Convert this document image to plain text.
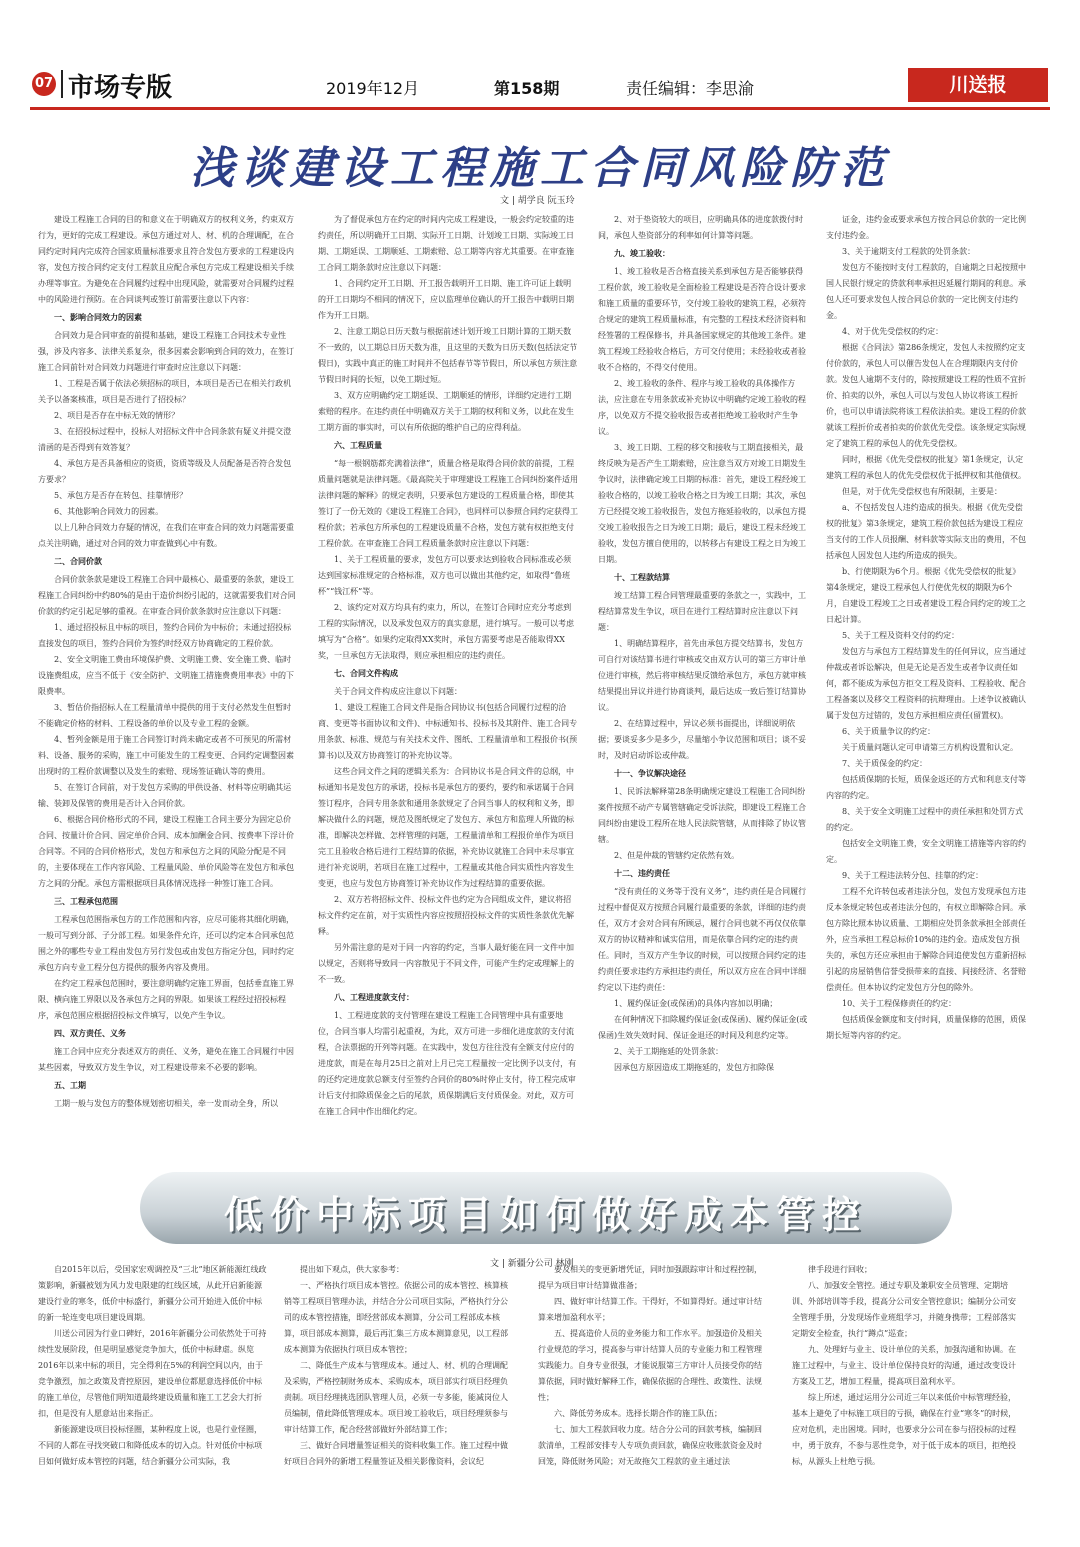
07 市场专版	2019年12月	第158期	责任编辑：李思渝	川送报
浅谈建设工程施工合同风险防范
文 | 胡学良 阮玉玲

建设工程施工合同的目的和意义在于明确双方的权利义务，约束双方行为，更好的完成工程建设。承包方通过对人、材、机的合理调配，在合同约定时间内完成符合国家质量标准要求且符合发包方要求的工程建设内容，发包方按合同约定支付工程款且应配合承包方完成工程建设相关手续办理等事宜。为避免在合同履约过程中出现风险，就需要对合同履约过程中的风险进行预防。在合同谈判或签订前需要注意以下内容：

一、影响合同效力的因素

合同效力是合同审查的前提和基础，建设工程施工合同技术专业性强，涉及内容多、法律关系复杂，很多因素会影响到合同的效力，在签订施工合同前针对合同效力问题进行审查时应注意以下问题：

1、工程是否属于依法必须招标的项目，本项目是否已在相关行政机关予以备案核准，项目是否进行了招投标？

2、项目是否存在中标无效的情形？

3、在招投标过程中，投标人对招标文件中合同条款有疑义并提交澄清函的是否得到有效答复？

4、承包方是否具备相应的资质，资质等级及人员配备是否符合发包方要求？

5、承包方是否存在转包、挂靠情形？

6、其他影响合同效力的因素。

以上几种合同效力存疑的情况，在我们在审查合同的效力问题需要重点关注明确，通过对合同的效力审查做到心中有数。

二、合同价款

合同价款条款是建设工程施工合同中最核心、最重要的条款，建设工程施工合同纠纷中约80%的是由于造价纠纷引起的，这就需要我们对合同价款的约定引起足够的重视。在审查合同价款条款时应注意以下问题：

1、通过招投标且中标的项目，签约合同价为中标价；未通过招投标直接发包的项目，签约合同价为签约时经双方协商确定的工程价款。

2、安全文明施工费由环境保护费、文明施工费、安全施工费、临时设施费组成，应当不低于《安全防护、文明施工措施费费用率表》中的下限费率。

3、暂估价指招标人在工程量清单中提供的用于支付必然发生但暂时不能确定价格的材料、工程设备的单价以及专业工程的金额。

4、暂列金额是用于施工合同签订时尚未确定或者不可预见的所需材料、设备、服务的采购，施工中可能发生的工程变更、合同约定调整因素出现时的工程价款调整以及发生的索赔、现场签证确认等的费用。

5、在签订合同前，对于发包方采购的甲供设备、材料等应明确其运输、装卸及保管的费用是否计入合同价款。

6、根据合同价格形式的不同，建设工程施工合同主要分为固定总价合同、按量计价合同、固定单价合同、成本加酬金合同、按费率下浮计价合同等。不同的合同价格形式，发包方和承包方之间的风险分配是不同的，主要体现在工作内容风险、工程量风险、单价风险等在发包方和承包方之间的分配。承包方需根据项目具体情况选择一种签订施工合同。

三、工程承包范围

工程承包范围指承包方的工作范围和内容，应尽可能将其细化明确，一般可写到分部、子分部工程。如果条件允许，还可以约定本合同承包范围之外的哪些专业工程由发包方另行发包或由发包方指定分包，同时约定承包方向专业工程分包方提供的服务内容及费用。

在约定工程承包范围时，要注意明确约定施工界面，包括垂直施工界限、横向施工界限以及各承包方之间的界限。如果该工程经过招投标程序，承包范围应根据招投标文件填写，以免产生争议。

四、双方责任、义务

施工合同中应充分表述双方的责任、义务，避免在施工合同履行中因某些因素，导致双方发生争议，对工程建设带来不必要的影响。

五、工期

工期一般与发包方的整体规划密切相关，牵一发而动全身，所以

为了督促承包方在约定的时间内完成工程建设，一般会约定较重的违约责任，所以明确开工日期、实际开工日期、计划竣工日期、实际竣工日期、工期延误、工期顺延、工期索赔、总工期等内容尤其重要。在审查施工合同工期条款时应注意以下问题：

1、合同约定开工日期、开工报告载明开工日期、施工许可证上载明的开工日期均不相同的情况下，应以监理单位确认的开工报告中载明日期作为开工日期。

2、注意工期总日历天数与根据前述计划开竣工日期计算的工期天数不一致的，以工期总日历天数为准，且这里的天数为日历天数(包括法定节假日)，实践中真正的施工时间并不包括春节等节假日，所以承包方须注意节假日时间的长短，以免工期过短。

3、双方应明确约定工期延误、工期顺延的情形，详细约定进行工期索赔的程序。在违约责任中明确双方关于工期的权利和义务，以此在发生工期方面的事实时，可以有所依据的维护自己的应得利益。

六、工程质量

“每一根钢筋都充满着法律”，质量合格是取得合同价款的前提，工程质量问题就是法律问题。《最高院关于审理建设工程施工合同纠纷案件适用法律问题的解释》的规定表明，只要承包方建设的工程质量合格，即使其签订了一份无效的《建设工程施工合同》，也同样可以参照合同约定获得工程价款；若承包方所承包的工程建设质量不合格，发包方就有权拒绝支付工程价款。在审查施工合同工程质量条款时应注意以下问题：

1、关于工程质量的要求，发包方可以要求达到验收合同标准或必须达到国家标准规定的合格标准，双方也可以做出其他约定，如取得“鲁班杯”“钱江杯”等。

2、该约定对双方均具有约束力，所以，在签订合同时应充分考虑到工程的实际情况，以及承发包双方的真实意愿，进行填写。一般可以考虑填写为“合格”。如果约定取得XX奖时，承包方需要考虑是否能取得XX奖，一旦承包方无法取得，则应承担相应的违约责任。

七、合同文件构成

关于合同文件构成应注意以下问题：

1、建设工程施工合同文件是指合同协议书(包括合同履行过程的洽商、变更等书面协议和文件)、中标通知书、投标书及其附件、施工合同专用条款、标准、规范与有关技术文件、图纸、工程量清单和工程报价书(预算书)以及双方协商签订的补充协议等。

这些合同文件之间的逻辑关系为：合同协议书是合同文件的总纲，中标通知书是发包方的承诺，投标书是承包方的要约，要约和承诺属于合同签订程序，合同专用条款和通用条款规定了合同当事人的权利和义务，即解决做什么的问题，规范及图纸规定了发包方、承包方和监理人所做的标准，即解决怎样做、怎样管理的问题，工程量清单和工程报价单作为项目完工且验收合格后进行工程结算的依据，补充协议就施工合同中未尽事宜进行补充说明，若项目在施工过程中，工程量或其他合同实质性内容发生变更，也应与发包方协商签订补充协议作为过程结算的重要依据。

2、双方若将招标文件、投标文件也约定为合同组成文件，建议将招标文件约定在前，对于实质性内容应按照招投标文件的实质性条款优先解释。

另外需注意的是对于同一内容的约定，当事人最好能在同一文件中加以规定，否则将导致同一内容散见于不同文件，可能产生约定或理解上的不一致。

八、工程进度款支付：

1、工程进度款的支付管理在建设工程施工合同管理中具有重要地位，合同当事人均需引起重视，为此，双方可进一步细化进度款的支付流程，合法票据的开列等问题。在实践中，发包方往往没有全额支付应付的进度款，而是在每月25日之前对上月已完工程量按一定比例予以支付，有的还约定进度款总额支付至签约合同价的80%时停止支付，待工程完成审计后支付扣除质保金之后的尾款，质保期满后支付质保金。对此，双方可在施工合同中作出细化约定。

2、对于垫资较大的项目，应明确具体的进度款拨付时间，承包人垫资部分的利率如何计算等问题。

九、竣工验收：

1、竣工验收是否合格直接关系到承包方是否能够获得工程价款，竣工验收是全面检验工程建设是否符合设计要求和施工质量的重要环节，交付竣工验收的建筑工程，必须符合规定的建筑工程质量标准，有完整的工程技术经济资料和经签署的工程保修书，并具备国家规定的其他竣工条件。建筑工程竣工经验收合格后，方可交付使用；未经验收或者验收不合格的，不得交付使用。

2、竣工验收的条件、程序与竣工验收的具体操作方法，应注意在专用条款或补充协议中明确约定竣工验收的程序，以免双方不提交验收报告或者拒绝竣工验收时产生争议。

3、竣工日期、工程的移交和接收与工期直接相关，最终反映为是否产生工期索赔，应注意当双方对竣工日期发生争议时，法律确定竣工日期的标准：首先，建设工程经竣工验收合格的，以竣工验收合格之日为竣工日期；其次，承包方已经提交竣工验收报告，发包方拖延验收的，以承包方提交竣工验收报告之日为竣工日期；最后，建设工程未经竣工验收，发包方擅自使用的，以转移占有建设工程之日为竣工日期。

十、工程款结算

竣工结算工程合同管理最重要的条款之一，实践中，工程结算常发生争议，项目在进行工程结算时应注意以下问题：

1、明确结算程序，首先由承包方提交结算书，发包方可自行对该结算书进行审核或交由双方认可的第三方审计单位进行审核，然后将审核结果反馈给承包方，承包方就审核结果提出异议并进行协商谈判，最后达成一致后签订结算协议。

2、在结算过程中，异议必须书面提出，详细说明依据；要谈妥多少是多少，尽量缩小争议范围和项目；谈不妥时，及时启动诉讼或仲裁。

十一、争议解决途径

1、民诉法解释第28条明确规定建设工程施工合同纠纷案件按照不动产专属管辖确定受诉法院，即建设工程施工合同纠纷由建设工程所在地人民法院管辖，从而排除了协议管辖。

2、但是仲裁的管辖约定依然有效。

十二、违约责任

“没有责任的义务等于没有义务”，违约责任是合同履行过程中督促双方按照合同履行最重要的条款，详细的违约责任，双方才会对合同有所顾忌，履行合同也就不再仅仅依靠双方的协议精神和诚实信用，而是依靠合同约定的违约责任。同时，当双方产生争议的时候，可以按照合同约定的违约责任要求违约方承担违约责任，所以双方应在合同中详细约定以下违约责任：

1、履约保证金(或保函)的具体内容加以明确；

在何种情况下扣除履约保证金(或保函)、履约保证金(或保函)生效失效时间、保证金退还的时间及利息约定等。

2、关于工期拖延的处罚条款：

因承包方原因造成工期拖延的，发包方扣除保

证金，违约金或要求承包方按合同总价款的一定比例支付违约金。

3、关于逾期支付工程款的处罚条款：

发包方不能按时支付工程款的，自逾期之日起按照中国人民银行规定的贷款利率承担迟延履行期间的利息。承包人还可要求发包人按合同总价款的一定比例支付违约金。

4、对于优先受偿权的约定：

根据《合同法》第286条规定，发包人未按照约定支付价款的，承包人可以催告发包人在合理期限内支付价款。发包人逾期不支付的，除按照建设工程的性质不宜折价、拍卖的以外，承包人可以与发包人协议将该工程折价，也可以申请法院将该工程依法拍卖。建设工程的价款就该工程折价或者拍卖的价款优先受偿。该条规定实际规定了建筑工程的承包人的优先受偿权。

同时，根据《优先受偿权的批复》第1条规定，认定建筑工程的承包人的优先受偿权优于抵押权和其他债权。

但是，对于优先受偿权也有所限制，主要是：

a、不包括发包人违约造成的损失。根据《优先受偿权的批复》第3条规定，建筑工程价款包括为建设工程应当支付的工作人员报酬、材料款等实际支出的费用，不包括承包人因发包人违约所造成的损失。

b、行使期限为6个月。根据《优先受偿权的批复》第4条规定，建设工程承包人行使优先权的期限为6个月，自建设工程竣工之日或者建设工程合同约定的竣工之日起计算。

5、关于工程及资料交付的约定：

发包方与承包方工程结算发生的任何异议，应当通过仲裁或者诉讼解决，但是无论是否发生或者争议责任如何，都不能成为承包方拒交工程及资料、工程验收、配合工程备案以及移交工程资料的抗辩理由。上述争议被确认属于发包方过错的，发包方承担相应责任(留置权)。

6、关于质量争议的约定：

关于质量问题认定可申请第三方机构设置和认定。

7、关于质保金的约定：

包括质保期的长短，质保金返还的方式和利息支付等内容的约定。

8、关于安全文明施工过程中的责任承担和处罚方式的约定。

包括安全文明施工费，安全文明施工措施等内容的约定。

9、关于工程违法转分包、挂靠的约定：

工程不允许转包或者违法分包，发包方发现承包方违反本条规定转包或者违法分包的，有权立即解除合同。承包方除比照本协议质量、工期相应处罚条款承担全部责任外，应当承担工程总标价10%的违约金。造成发包方损失的，承包方还应承担由于解除合同追使发包方重新招标引起的房屋销售信誉受损带来的直接、间接经济、名誉赔偿责任。但本协议约定发包方分包的除外。

10、关于工程保修责任的约定：

包括质保金额度和支付时间，质量保修的范围，质保期长短等内容的约定。

低价中标项目如何做好成本管控
文 | 新疆分公司 林刚

自2015年以后，受国家宏观调控及“三北”地区新能源红线政策影响，新疆被划为风力发电限建的红线区域，从此开启新能源建设行业的寒冬，低价中标盛行，新疆分公司开始进入低价中标的新一轮连变电项目建设周期。

川送公司因为行业口碑好，2016年新疆分公司依然处于可持续性发展阶段，但是明显感觉竞争加大，低价中标肆虐。纵览2016年以来中标的项目，完全得利在5%的利润空间以内，由于竞争激烈，加之政策及背控原因，建设单位都愿意选择低价中标的施工单位，尽管他们明知道最终建设质量和施工工艺会大打折扣，但是没有人愿意站出来指正。

新能源建设项目投标怪圈，某种程度上说，也是行业怪圈，不同的人都在寻找突破口和降低成本的切入点。针对低价中标项目如何做好成本管控的问题，结合新疆分公司实际，我

提出如下观点，供大家参考：

一、严格执行项目成本管控。依据公司的成本管控、核算核销等工程项目管理办法，并结合分公司项目实际，严格执行分公司的成本管控措施，即经营部成本测算，分公司工程部成本核算，项目部成本测算，最后再汇集三方成本测算意见，以工程部成本测算为依据执行项目成本管控；

二、降低生产成本与管理成本。通过人、材、机的合理调配及采购，严格控制财务成本、采购成本，项目部实行项目经理负责制。项目经理挑选团队管理人员，必须一专多能，能减岗位人员编制，借此降低管理成本。项目竣工验收后，项目经理须参与审计结算工作，配合经营部做好外部结算工作；

三、做好合同增量签证相关的资料收集工作。施工过程中做好项目合同外的新增工程量签证及相关影像资料，会议纪

要及相关的变更新增凭证，同时加强跟踪审计和过程控制，提早为项目审计结算做准备；

四、做好审计结算工作。干得好，不如算得好。通过审计结算来增加盈利水平；

五、提高造价人员的业务能力和工作水平。加强造价及相关行业规范的学习，提高参与审计结算人员的专业能力和工程管理实践能力。自身专业很强，才能说服第三方审计人员接受你的结算依据，同时做好解释工作，确保依据的合理性、政策性、法规性；

六、降低劳务成本。选择长期合作的施工队伍；

七、加大工程款回收力度。结合分公司的回款考核，编制回款清单，工程部安排专人专项负责回款，确保应收账款资金及时回笼，降低财务风险；对无故拖欠工程款的业主通过法

律手段进行回收；

八、加强安全管控。通过专职及兼职安全员管理、定期培训、外部培训等手段，提高分公司安全管控意识；编制分公司安全管理手册，分发现场作业班组学习，并随身携带；工程部落实定期安全检查，执行“蹲点”巡查；

九、处理好与业主、设计单位的关系，加强沟通和协调。在施工过程中，与业主、设计单位保持良好的沟通，通过改变设计方案及工艺，增加工程量，提高项目盈利水平。

综上所述，通过运用分公司近三年以来低价中标管理经验，基本上避免了中标施工项目的亏损，确保在行业“寒冬”的时候，应对危机，走出困境。同时，也要求分公司在参与招投标的过程中，勇于放弃，不参与恶性竞争，对于低于成本的项目，拒绝投标，从源头上杜绝亏损。
